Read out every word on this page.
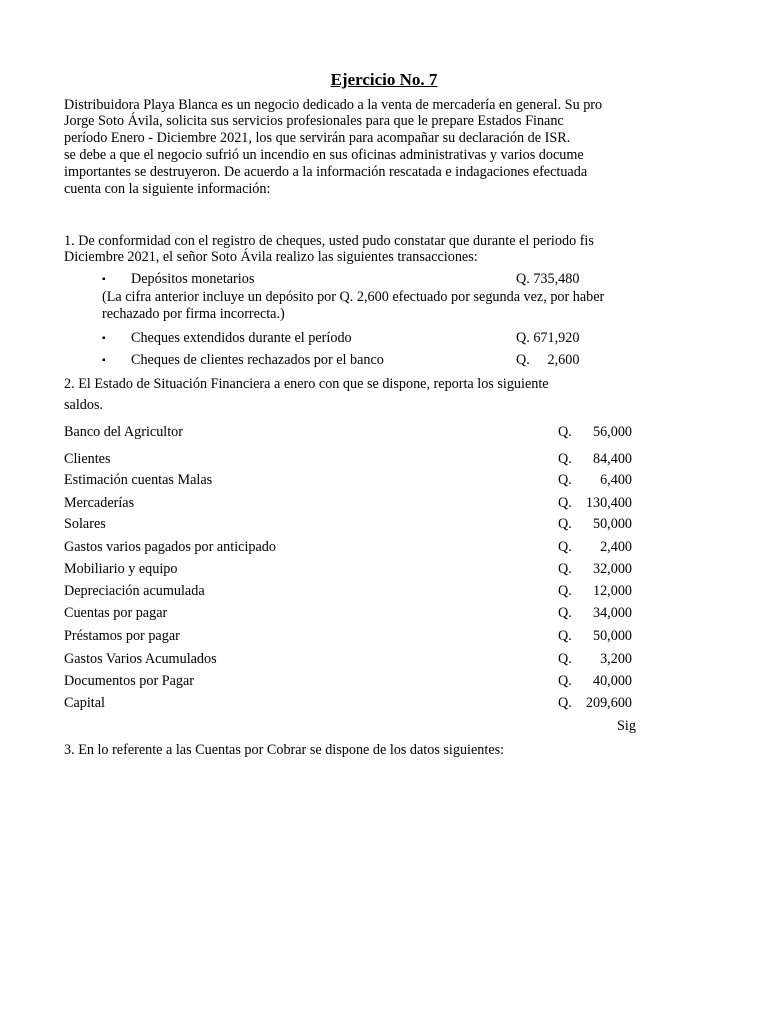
Ejercicio No. 7
Distribuidora Playa Blanca es un negocio dedicado a la venta de mercadería en general. Su pro
Jorge Soto Ávila, solicita sus servicios profesionales para que le prepare Estados Financ
período Enero - Diciembre 2021, los que servirán para acompañar su declaración de ISR.
se debe a que el negocio sufrió un incendio en sus oficinas administrativas y varios docume
importantes se destruyeron. De acuerdo a la información rescatada e indagaciones efectuada
cuenta con la siguiente información:
1. De conformidad con el registro de cheques, usted pudo constatar que durante el periodo fis
Diciembre 2021, el señor Soto Ávila realizo las siguientes transacciones:
▪ Depósitos monetarios	Q. 735,480
(La cifra anterior incluye un depósito por Q. 2,600 efectuado por segunda vez, por haber
rechazado por firma incorrecta.)
▪ Cheques extendidos durante el período	Q. 671,920
▪ Cheques de clientes rechazados por el banco	Q.     2,600
2. El Estado de Situación Financiera a enero con que se dispone, reporta los siguiente
saldos.
Banco del Agricultor	Q. 56,000
Clientes	Q. 84,400
Estimación cuentas Malas	Q. 6,400
Mercaderías	Q. 130,400
Solares	Q. 50,000
Gastos varios pagados por anticipado	Q. 2,400
Mobiliario y equipo	Q. 32,000
Depreciación acumulada	Q. 12,000
Cuentas por pagar	Q. 34,000
Préstamos por pagar	Q. 50,000
Gastos Varios Acumulados	Q. 3,200
Documentos por Pagar	Q. 40,000
Capital	Q. 209,600
Sig
3. En lo referente a las Cuentas por Cobrar se dispone de los datos siguientes:
